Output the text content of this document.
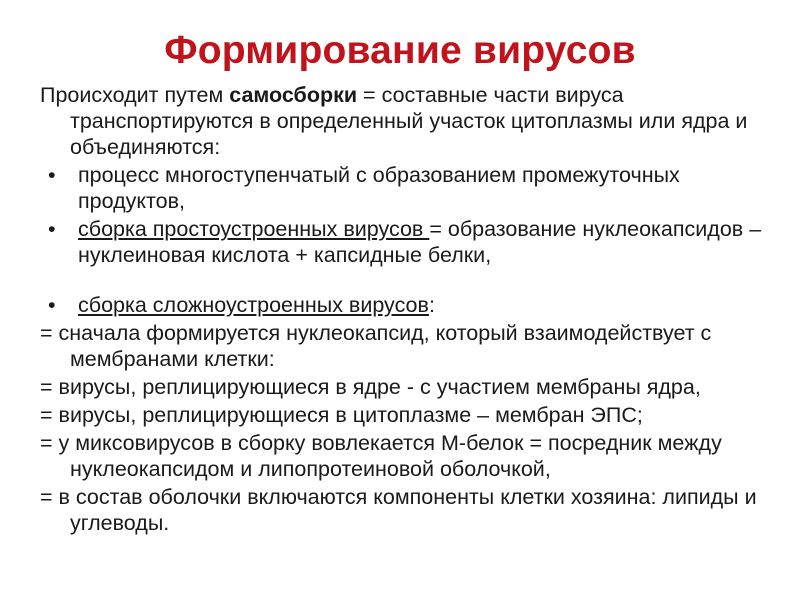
Формирование вирусов

Происходит путем самосборки = составные части вируса транспортируются в определенный участок цитоплазмы или ядра и объединяются:

•	процесс многоступенчатый с образованием промежуточных продуктов,

•	сборка простоустроенных вирусов = образование нуклеокапсидов – нуклеиновая кислота + капсидные белки,

•	сборка сложноустроенных вирусов:

= сначала формируется нуклеокапсид, который взаимодействует с мембранами клетки:

= вирусы, реплицирующиеся в ядре - с участием мембраны ядра,

= вирусы, реплицирующиеся в цитоплазме – мембран ЭПС;

= у миксовирусов в сборку вовлекается М-белок = посредник между нуклеокапсидом и липопротеиновой оболочкой,

= в состав оболочки включаются компоненты клетки хозяина: липиды и углеводы.
